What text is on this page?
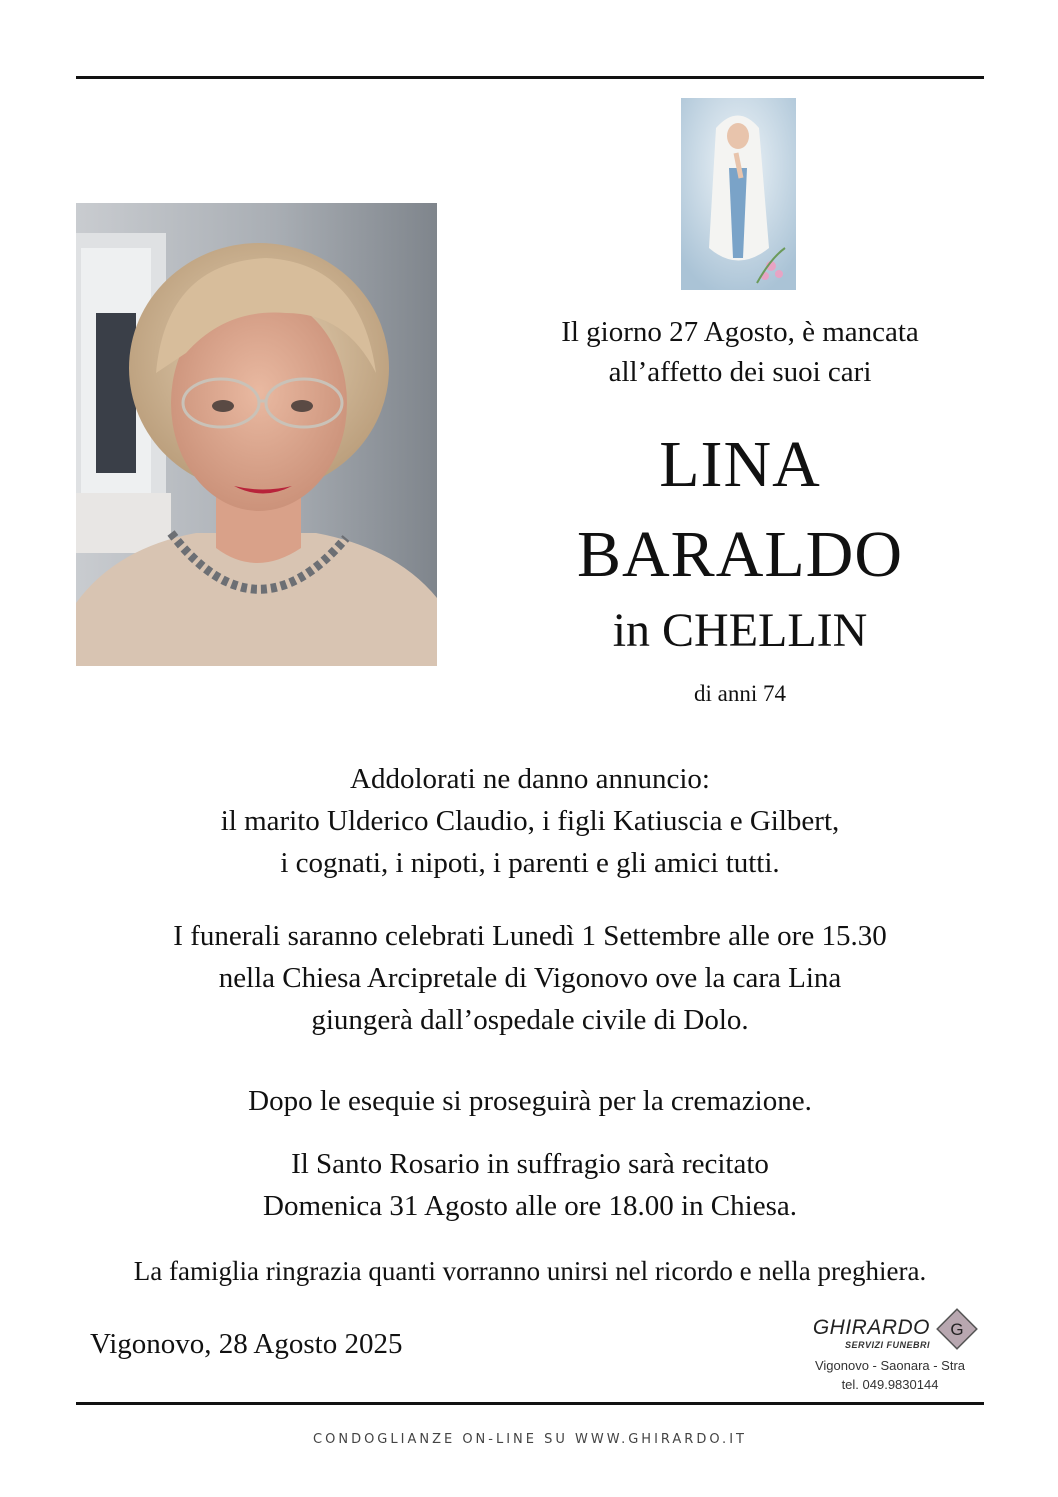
Il giorno 27 Agosto, è mancata
all’affetto dei suoi cari
LINA
BARALDO
in CHELLIN
di anni 74
Addolorati ne danno annuncio:
il marito Ulderico Claudio, i figli Katiuscia e Gilbert,
i cognati, i nipoti, i parenti e gli amici tutti.
I funerali saranno celebrati Lunedì 1 Settembre alle ore 15.30
nella Chiesa Arcipretale di Vigonovo ove la cara Lina
giungerà dall’ospedale civile di Dolo.
Dopo le esequie si proseguirà per la cremazione.
Il Santo Rosario in suffragio sarà recitato
Domenica 31 Agosto alle ore 18.00 in Chiesa.
La famiglia ringrazia quanti vorranno unirsi nel ricordo e nella preghiera.
Vigonovo, 28 Agosto 2025
GHIRARDO
SERVIZI FUNEBRI
G
Vigonovo - Saonara - Stra
tel. 049.9830144
CONDOGLIANZE ON-LINE SU WWW.GHIRARDO.IT
